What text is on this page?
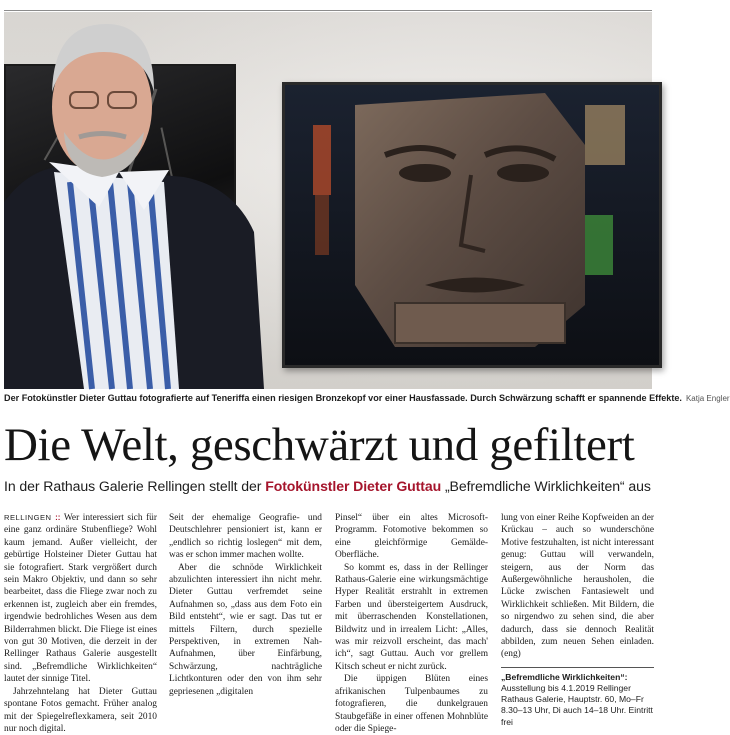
Der Fotokünstler Dieter Guttau fotografierte auf Teneriffa einen riesigen Bronzekopf vor einer Hausfassade. Durch Schwärzung schafft er spannende Effekte. Katja Engler
Die Welt, geschwärzt und gefiltert
In der Rathaus Galerie Rellingen stellt der Fotokünstler Dieter Guttau „Befremdliche Wirklichkeiten“ aus

RELLINGEN :: Wer interessiert sich für eine ganz ordinäre Stubenfliege? Wohl kaum jemand. Außer vielleicht, der gebürtige Holsteiner Dieter Guttau hat sie fotografiert. Stark vergrößert durch sein Makro Objektiv, und dann so sehr bearbeitet, dass die Fliege zwar noch zu erkennen ist, zugleich aber ein fremdes, irgendwie bedrohliches Wesen aus dem Bilderrahmen blickt. Die Fliege ist eines von gut 30 Motiven, die derzeit in der Rellinger Rathaus Galerie ausgestellt sind. „Befremdliche Wirklichkeiten“ lautet der sinnige Titel.

Jahrzehntelang hat Dieter Guttau spontane Fotos gemacht. Früher analog mit der Spiegelreflexkamera, seit 2010 nur noch digital.

Seit der ehemalige Geografie- und Deutschlehrer pensioniert ist, kann er „endlich so richtig loslegen“ mit dem, was er schon immer machen wollte.

Aber die schnöde Wirklichkeit abzulichten interessiert ihn nicht mehr. Dieter Guttau verfremdet seine Aufnahmen so, „dass aus dem Foto ein Bild entsteht“, wie er sagt. Das tut er mittels Filtern, durch spezielle Perspektiven, in extremen Nah-Aufnahmen, über Einfärbung, Schwärzung, nachträgliche Lichtkonturen oder den von ihm sehr gepriesenen „digitalen

Pinsel“ über ein altes Microsoft-Programm. Fotomotive bekommen so eine gleichförmige Gemälde-Oberfläche.

So kommt es, dass in der Rellinger Rathaus-Galerie eine wirkungsmächtige Hyper Realität erstrahlt in extremen Farben und übersteigertem Ausdruck, mit überraschenden Konstellationen, Bildwitz und in irrealem Licht: „Alles, was mir reizvoll erscheint, das mach' ich“, sagt Guttau. Auch vor grellem Kitsch scheut er nicht zurück.

Die üppigen Blüten eines afrikanischen Tulpenbaumes zu fotografieren, die dunkelgrauen Staubgefäße in einer offenen Mohnblüte oder die Spiege-

lung von einer Reihe Kopfweiden an der Krückau – auch so wunderschöne Motive festzuhalten, ist nicht interessant genug: Guttau will verwandeln, steigern, aus der Norm das Außergewöhnliche herausholen, die Lücke zwischen Fantasiewelt und Wirklichkeit schließen. Mit Bildern, die so nirgendwo zu sehen sind, die aber dadurch, dass sie dennoch Realität abbilden, zum neuen Sehen einladen. (eng)

„Befremdliche Wirklichkeiten“: Ausstellung bis 4.1.2019 Rellinger Rathaus Galerie, Hauptstr. 60, Mo–Fr 8.30–13 Uhr, Di auch 14–18 Uhr. Eintritt frei
